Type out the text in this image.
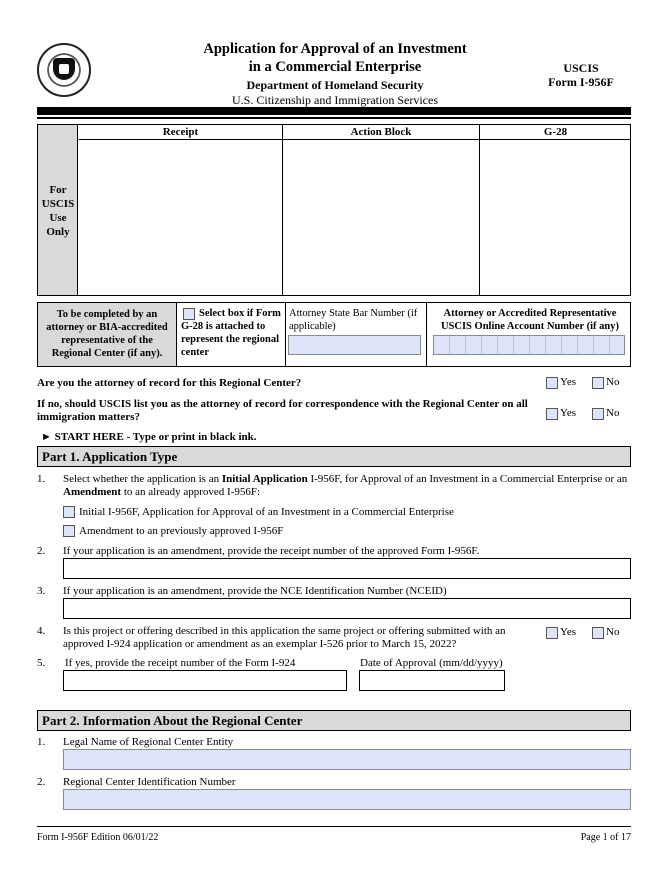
Application for Approval of an Investment
in a Commercial Enterprise
Department of Homeland Security
U.S. Citizenship and Immigration Services
USCIS
Form I-956F
For
USCIS
Use
Only
Receipt	Action Block	G-28
To be completed by an attorney or BIA-accredited representative of the Regional Center (if any).
Select box if Form G-28 is attached to represent the regional center
Attorney State Bar Number (if applicable)
Attorney or Accredited Representative USCIS Online Account Number (if any)
Are you the attorney of record for this Regional Center?	Yes	No
If no, should USCIS list you as the attorney of record for correspondence with the Regional Center on all immigration matters?	Yes	No
► START HERE - Type or print in black ink.
Part 1. Application Type
1. Select whether the application is an Initial Application I-956F, for Approval of an Investment in a Commercial Enterprise or an Amendment to an already approved I-956F:
Initial I-956F, Application for Approval of an Investment in a Commercial Enterprise
Amendment to an previously approved I-956F
2. If your application is an amendment, provide the receipt number of the approved Form I-956F.
3. If your application is an amendment, provide the NCE Identification Number (NCEID)
4. Is this project or offering described in this application the same project or offering submitted with an approved I-924 application or amendment as an exemplar I-526 prior to March 15, 2022?
Yes	No
5. If yes, provide the receipt number of the Form I-924	Date of Approval (mm/dd/yyyy)
Part 2. Information About the Regional Center
1. Legal Name of Regional Center Entity
2. Regional Center Identification Number
Form I-956F Edition 06/01/22	Page 1 of 17
